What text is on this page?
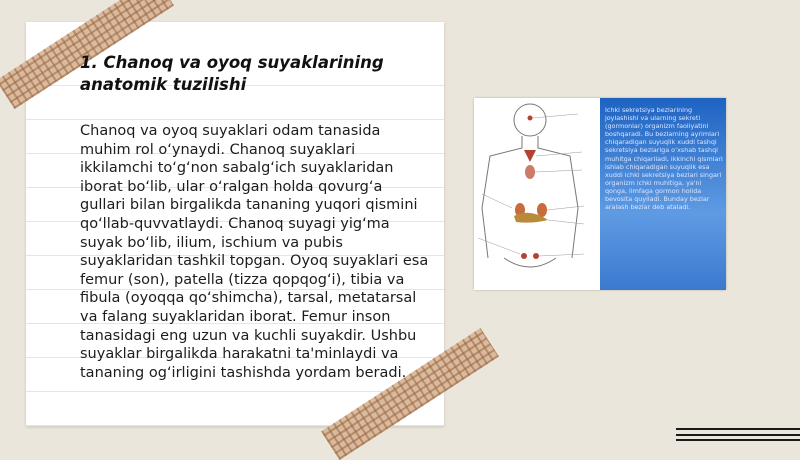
1. Chanoq va oyoq suyaklarining anatomik tuzilishi

Chanoq va oyoq suyaklari odam tanasida muhim rol o‘ynaydi. Chanoq suyaklari ikkilamchi to‘g‘non sabalg‘ich suyaklaridan iborat bo‘lib, ular o‘ralgan holda qovurg‘a gullari bilan birgalikda tananing yuqori qismini qo‘llab-quvvatlaydi. Chanoq suyagi yig‘ma suyak bo‘lib, ilium, ischium va pubis suyaklaridan tashkil topgan. Oyoq suyaklari esa femur (son), patella (tizza qopqog‘i), tibia va fibula (oyoqqa qo‘shimcha), tarsal, metatarsal va falang suyaklaridan iborat. Femur inson tanasidagi eng uzun va kuchli suyakdir. Ushbu suyaklar birgalikda harakatni ta'minlaydi va tananing og‘irligini tashishda yordam beradi.

Ichki sekretsiya bezlarining joylashishi va ularning sekreti (gormonlar) organizm faoliyatini boshqaradi. Bu bezlarning ayrimlari chiqaradigan suyuqlik xuddi tashqi sekretsiya bezlariga o‘xshab tashqi muhitga chiqariladi, ikkinchi qismlari ishlab chiqaradigan suyuqlik esa xuddi ichki sekretsiya bezlari singari organizm ichki muhitiga, ya'ni qonga, limfaga gormon holida bevosita quyiladi. Bunday bezlar aralash bezlar deb ataladi.
